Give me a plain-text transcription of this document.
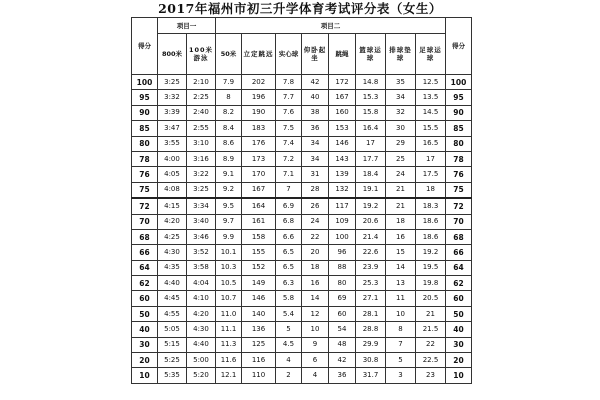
2017年福州市初三升学体育考试评分表（女生）
得分	项目一		项目二								得分
	800米	100米游泳	50米	立定跳远	实心球	仰卧起坐	跳绳	篮球运球	排球垫球	足球运球	
100	3:25	2:10	7.9	202	7.8	42	172	14.8	35	12.5	100
95	3:32	2:25	8	196	7.7	40	167	15.3	34	13.5	95
90	3:39	2:40	8.2	190	7.6	38	160	15.8	32	14.5	90
85	3:47	2:55	8.4	183	7.5	36	153	16.4	30	15.5	85
80	3:55	3:10	8.6	176	7.4	34	146	17	29	16.5	80
78	4:00	3:16	8.9	173	7.2	34	143	17.7	25	17	78
76	4:05	3:22	9.1	170	7.1	31	139	18.4	24	17.5	76
75	4:08	3:25	9.2	167	7	28	132	19.1	21	18	75
72	4:15	3:34	9.5	164	6.9	26	117	19.2	21	18.3	72
70	4:20	3:40	9.7	161	6.8	24	109	20.6	18	18.6	70
68	4:25	3:46	9.9	158	6.6	22	100	21.4	16	18.6	68
66	4:30	3:52	10.1	155	6.5	20	96	22.6	15	19.2	66
64	4:35	3:58	10.3	152	6.5	18	88	23.9	14	19.5	64
62	4:40	4:04	10.5	149	6.3	16	80	25.3	13	19.8	62
60	4:45	4:10	10.7	146	5.8	14	69	27.1	11	20.5	60
50	4:55	4:20	11.0	140	5.4	12	60	28.1	10	21	50
40	5:05	4:30	11.1	136	5	10	54	28.8	8	21.5	40
30	5:15	4:40	11.3	125	4.5	9	48	29.9	7	22	30
20	5:25	5:00	11.6	116	4	6	42	30.8	5	22.5	20
10	5:35	5:20	12.1	110	2	4	36	31.7	3	23	10
